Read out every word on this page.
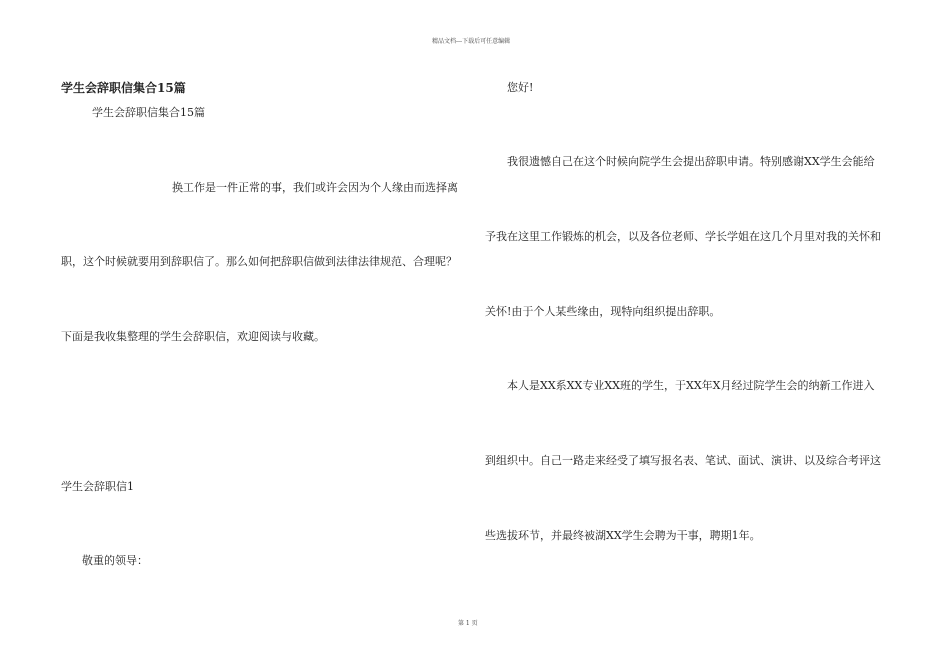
精品文档---下载后可任意编辑
学生会辞职信集合15篇
学生会辞职信集合15篇
换工作是一件正常的事，我们或许会因为个人缘由而选择离
职，这个时候就要用到辞职信了。那么如何把辞职信做到法律法律规范、合理呢？
下面是我收集整理的学生会辞职信，欢迎阅读与收藏。
学生会辞职信1
敬重的领导：
您好!
我很遗憾自己在这个时候向院学生会提出辞职申请。特别感谢XX学生会能给
予我在这里工作锻炼的机会，以及各位老师、学长学姐在这几个月里对我的关怀和
关怀!由于个人某些缘由，现特向组织提出辞职。
本人是XX系XX专业XX班的学生，于XX年X月经过院学生会的纳新工作进入
到组织中。自己一路走来经受了填写报名表、笔试、面试、演讲、以及综合考评这
些选拔环节，并最终被湖XX学生会聘为干事，聘期1年。
第 1 页
